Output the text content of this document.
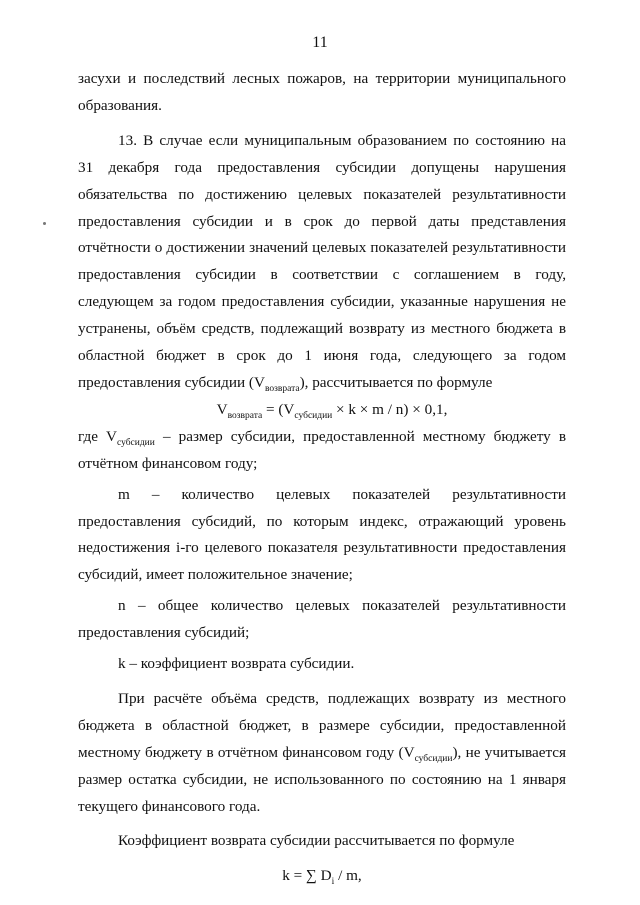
11

засухи и последствий лесных пожаров, на территории муниципального образования.

13. В случае если муниципальным образованием по состоянию на 31 декабря года предоставления субсидии допущены нарушения обязательства по достижению целевых показателей результативности предоставления субсидии и в срок до первой даты представления отчётности о достижении значений целевых показателей результативности предоставления субсидии в соответствии с соглашением в году, следующем за годом предоставления субсидии, указанные нарушения не устранены, объём средств, подлежащий возврату из местного бюджета в областной бюджет в срок до 1 июня года, следующего за годом предоставления субсидии $(V_{возврата})$, рассчитывается по формуле

$V_{возврата} = (V_{субсидии} \times k \times m / n) \times 0,1$,

где $V_{субсидии}$ – размер субсидии, предоставленной местному бюджету в отчётном финансовом году;

m – количество целевых показателей результативности предоставления субсидий, по которым индекс, отражающий уровень недостижения i-го целевого показателя результативности предоставления субсидий, имеет положительное значение;

n – общее количество целевых показателей результативности предоставления субсидий;

k – коэффициент возврата субсидии.

При расчёте объёма средств, подлежащих возврату из местного бюджета в областной бюджет, в размере субсидии, предоставленной местному бюджету в отчётном финансовом году $(V_{субсидии})$, не учитывается размер остатка субсидии, не использованного по состоянию на 1 января текущего финансового года.

Коэффициент возврата субсидии рассчитывается по формуле

k = ∑ $D_i$ / m,
